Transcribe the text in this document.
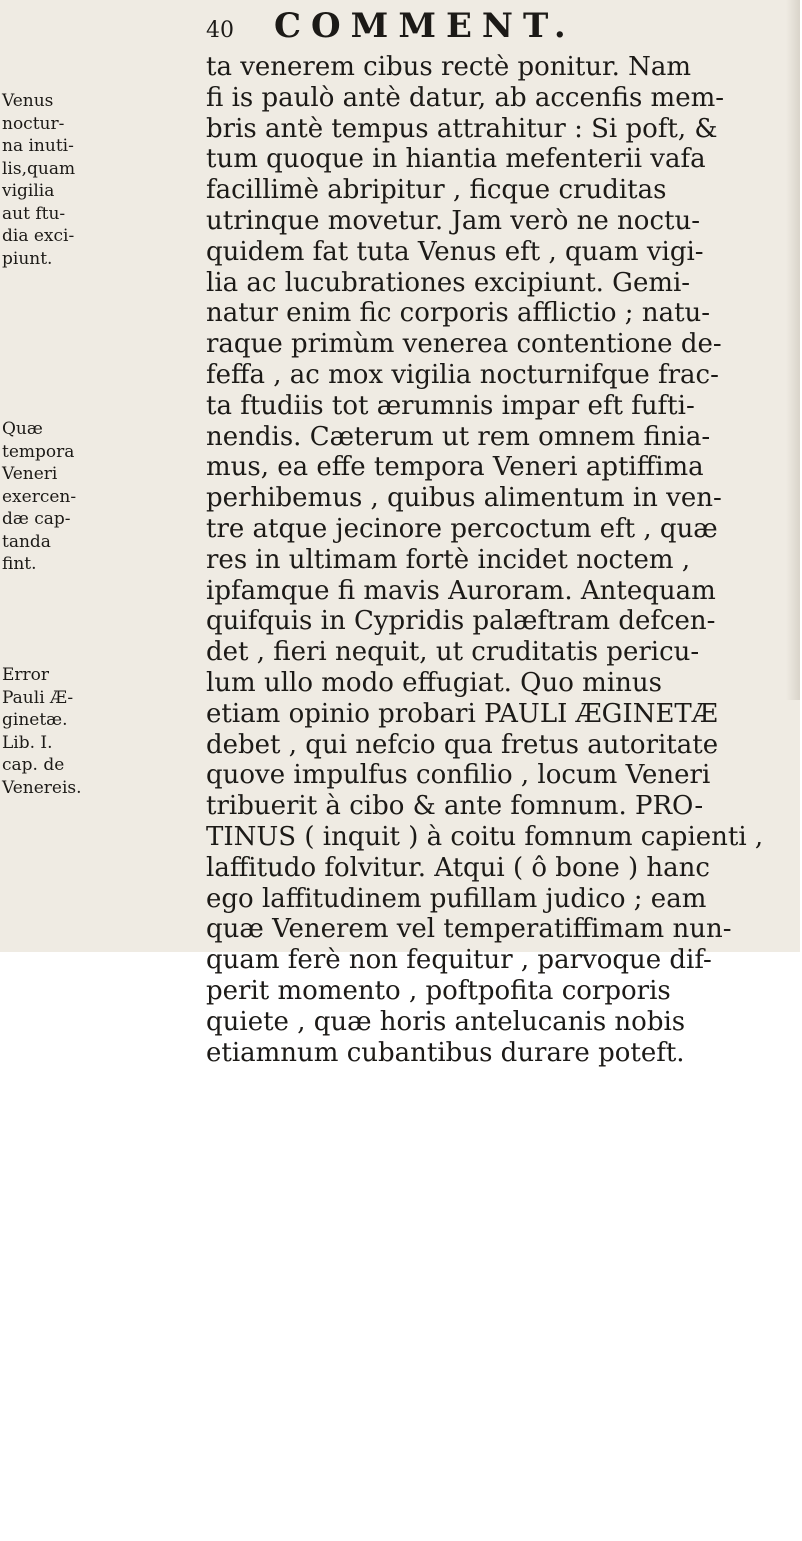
40 COMMENT.
Venus
noctur-
na inuti-
lis,quam
vigilia
aut ftu-
dia exci-
piunt.
Quæ
tempora
Veneri
exercen-
dæ cap-
tanda
fint.
Error
Pauli Æ-
ginetæ.
Lib. I.
cap. de
Venereis.
ta venerem cibus rectè ponitur. Nam
fi is paulò antè datur, ab accenfis mem-
bris antè tempus attrahitur : Si poft, &
tum quoque in hiantia mefenterii vafa
facillimè abripitur , ficque cruditas
utrinque movetur. Jam verò ne noctu-
quidem fat tuta Venus eft , quam vigi-
lia ac lucubrationes excipiunt. Gemi-
natur enim fic corporis afflictio ; natu-
raque primùm venerea contentione de-
feffa , ac mox vigilia nocturnifque frac-
ta ftudiis tot ærumnis impar eft fufti-
nendis. Cæterum ut rem omnem finia-
mus, ea effe tempora Veneri aptiffima
perhibemus , quibus alimentum in ven-
tre atque jecinore percoctum eft , quæ
res in ultimam fortè incidet noctem ,
ipfamque fi mavis Auroram. Antequam
quifquis in Cypridis palæftram defcen-
det , fieri nequit, ut cruditatis pericu-
lum ullo modo effugiat. Quo minus
etiam opinio probari PAULI ÆGINETÆ
debet , qui nefcio qua fretus autoritate
quove impulfus confilio , locum Veneri
tribuerit à cibo & ante fomnum. PRO-
TINUS ( inquit ) à coitu fomnum capienti ,
laffitudo folvitur. Atqui ( ô bone ) hanc
ego laffitudinem pufillam judico ; eam
quæ Venerem vel temperatiffimam nun-
quam ferè non fequitur , parvoque dif-
perit momento , poftpofita corporis
quiete , quæ horis antelucanis nobis
etiamnum cubantibus durare poteft.
